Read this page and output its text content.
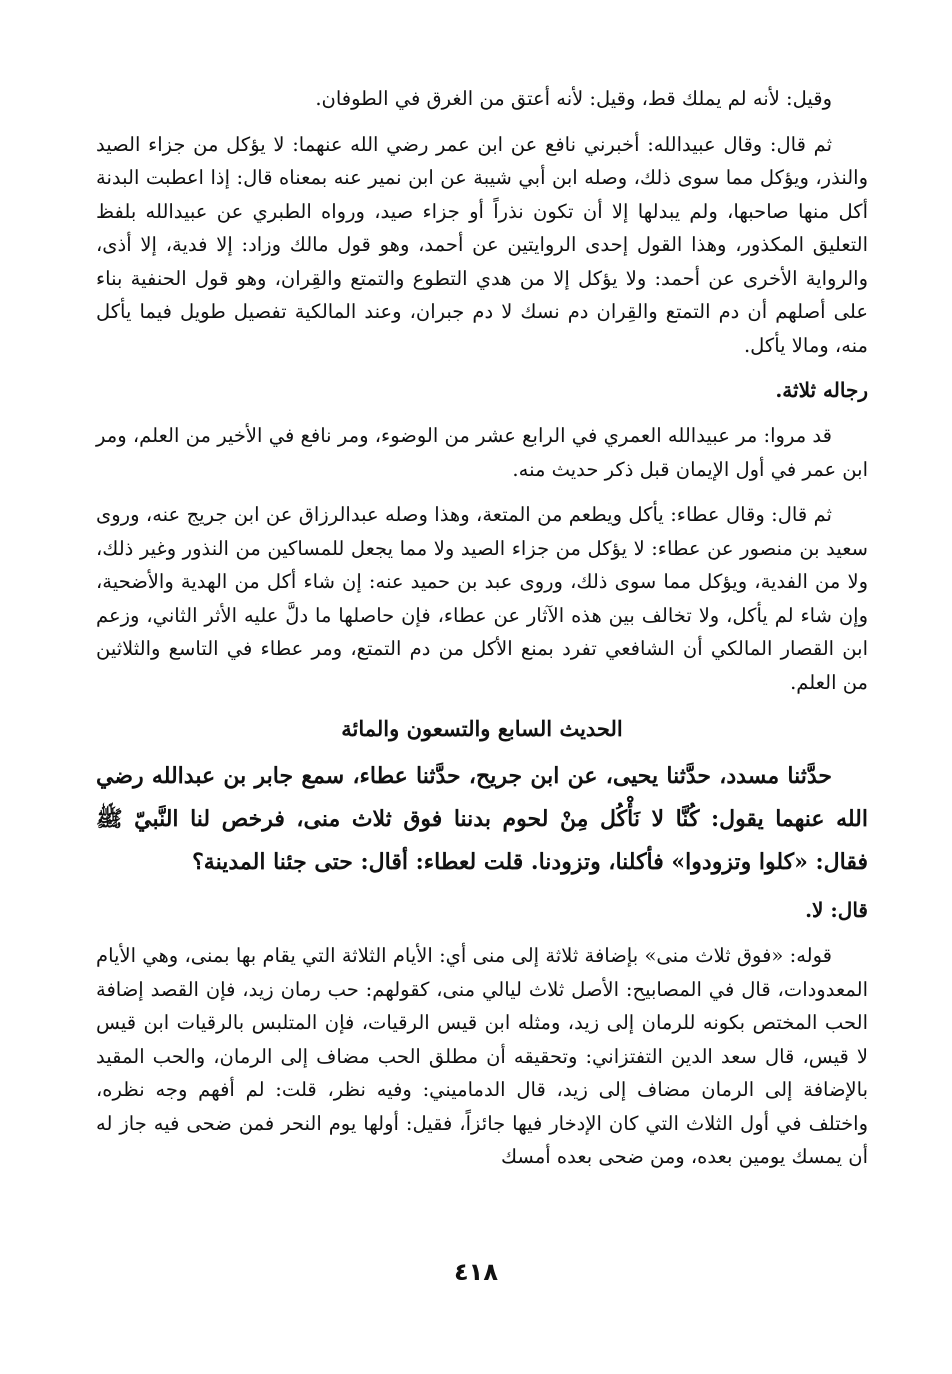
وقيل: لأنه لم يملك قط، وقيل: لأنه أعتق من الغرق في الطوفان.

ثم قال: وقال عبيدالله: أخبرني نافع عن ابن عمر رضي الله عنهما: لا يؤكل من جزاء الصيد والنذر، ويؤكل مما سوى ذلك، وصله ابن أبي شيبة عن ابن نمير عنه بمعناه قال: إذا اعطبت البدنة أكل منها صاحبها، ولم يبدلها إلا أن تكون نذراً أو جزاء صيد، ورواه الطبري عن عبيدالله بلفظ التعليق المكذور، وهذا القول إحدى الروايتين عن أحمد، وهو قول مالك وزاد: إلا فدية، إلا أذى، والرواية الأخرى عن أحمد: ولا يؤكل إلا من هدي التطوع والتمتع والقِران، وهو قول الحنفية بناء على أصلهم أن دم التمتع والقِران دم نسك لا دم جبران، وعند المالكية تفصيل طويل فيما يأكل منه، ومالا يأكل.

رجاله ثلاثة.

قد مروا: مر عبيدالله العمري في الرابع عشر من الوضوء، ومر نافع في الأخير من العلم، ومر ابن عمر في أول الإيمان قبل ذكر حديث منه.

ثم قال: وقال عطاء: يأكل ويطعم من المتعة، وهذا وصله عبدالرزاق عن ابن جريج عنه، وروى سعيد بن منصور عن عطاء: لا يؤكل من جزاء الصيد ولا مما يجعل للمساكين من النذور وغير ذلك، ولا من الفدية، ويؤكل مما سوى ذلك، وروى عبد بن حميد عنه: إن شاء أكل من الهدية والأضحية، وإن شاء لم يأكل، ولا تخالف بين هذه الآثار عن عطاء، فإن حاصلها ما دلَّ عليه الأثر الثاني، وزعم ابن القصار المالكي أن الشافعي تفرد بمنع الأكل من دم التمتع، ومر عطاء في التاسع والثلاثين من العلم.

الحديث السابع والتسعون والمائة

حدَّثنا مسدد، حدَّثنا يحيى، عن ابن جريح، حدَّثنا عطاء، سمع جابر بن عبدالله رضي الله عنهما يقول: كُنَّا لا نَأْكُل مِنْ لحوم بدننا فوق ثلاث منى، فرخص لنا النَّبيّ ﷺ فقال: «كلوا وتزودوا» فأكلنا، وتزودنا. قلت لعطاء: أقال: حتى جئنا المدينة؟

قال: لا.

قوله: «فوق ثلاث منى» بإضافة ثلاثة إلى منى أي: الأيام الثلاثة التي يقام بها بمنى، وهي الأيام المعدودات، قال في المصابيح: الأصل ثلاث ليالي منى، كقولهم: حب رمان زيد، فإن القصد إضافة الحب المختص بكونه للرمان إلى زيد، ومثله ابن قيس الرقيات، فإن المتلبس بالرقيات ابن قيس لا قيس، قال سعد الدين التفتزاني: وتحقيقه أن مطلق الحب مضاف إلى الرمان، والحب المقيد بالإضافة إلى الرمان مضاف إلى زيد، قال الدماميني: وفيه نظر، قلت: لم أفهم وجه نظره، واختلف في أول الثلاث التي كان الإدخار فيها جائزاً، فقيل: أولها يوم النحر فمن ضحى فيه جاز له أن يمسك يومين بعده، ومن ضحى بعده أمسك

٤١٨
